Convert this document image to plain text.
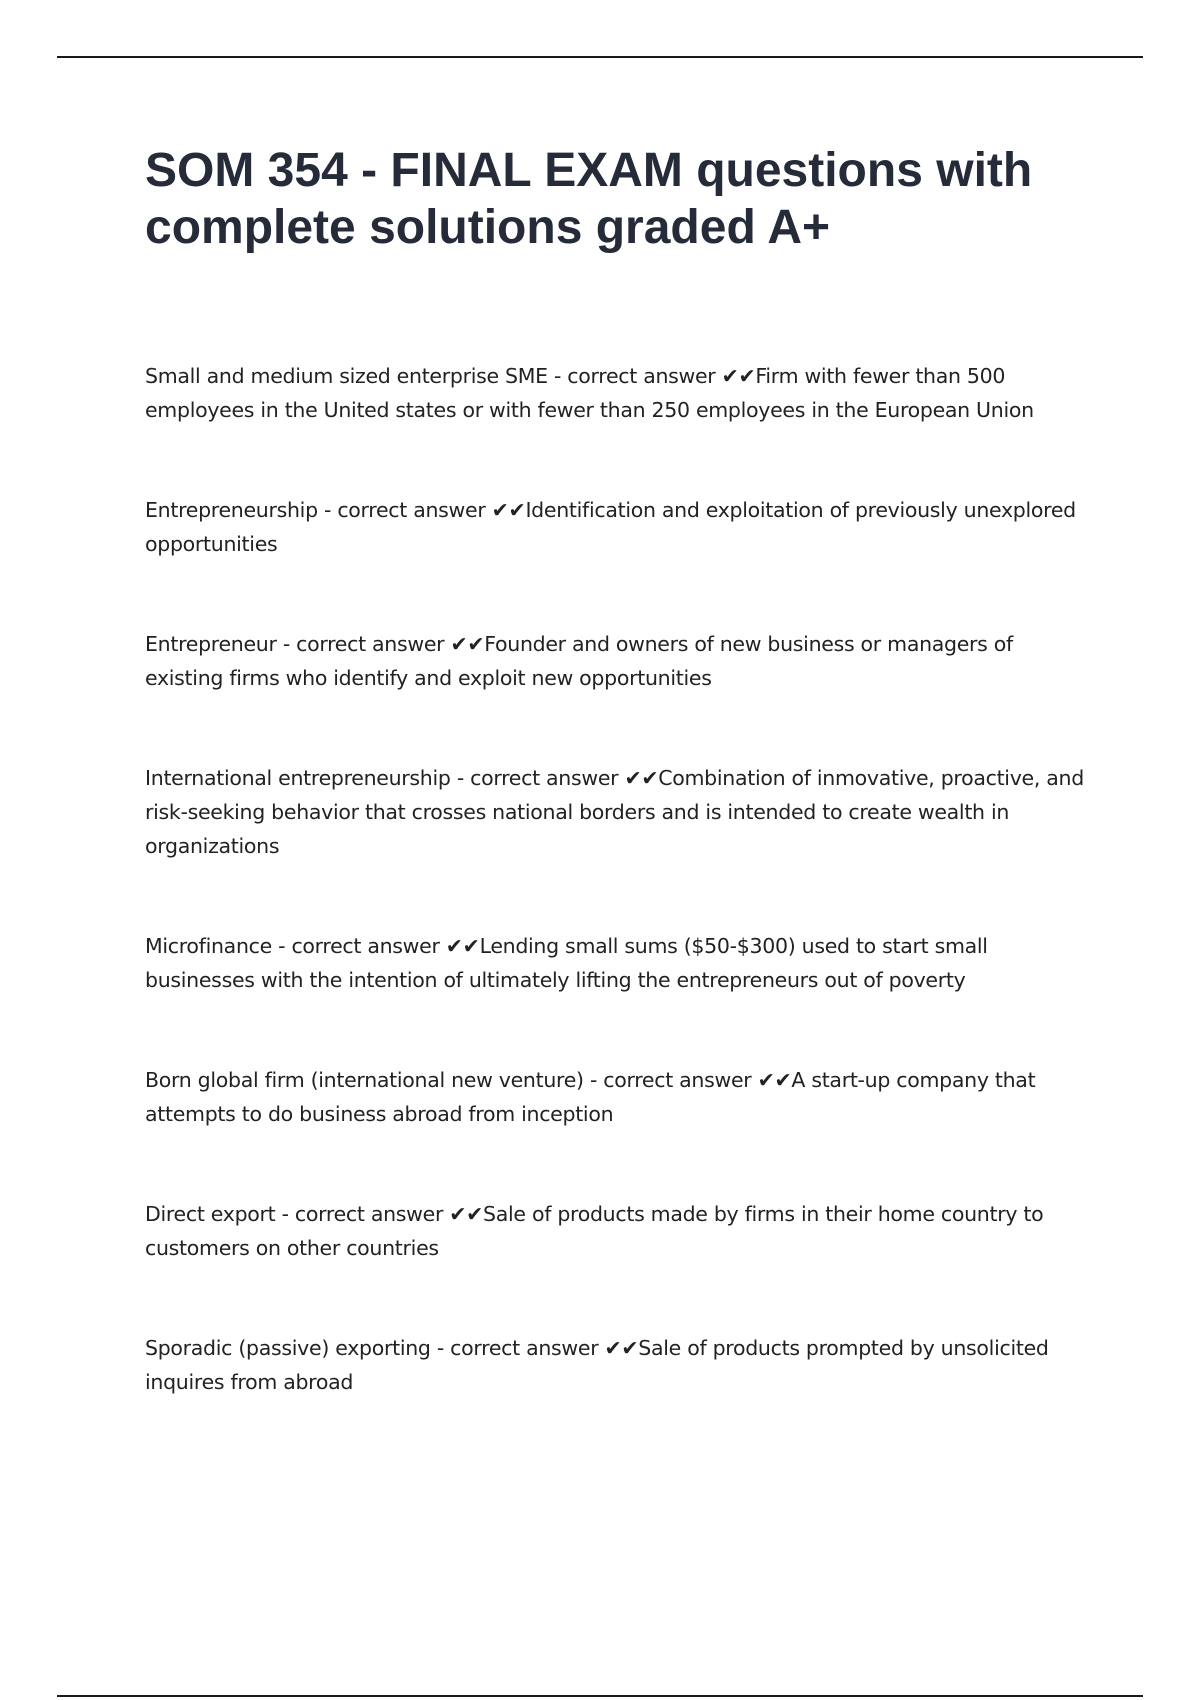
SOM 354 - FINAL EXAM questions with complete solutions graded A+

Small and medium sized enterprise SME - correct answer ✔✔Firm with fewer than 500 employees in the United states or with fewer than 250 employees in the European Union

Entrepreneurship - correct answer ✔✔Identification and exploitation of previously unexplored opportunities

Entrepreneur - correct answer ✔✔Founder and owners of new business or managers of existing firms who identify and exploit new opportunities

International entrepreneurship - correct answer ✔✔Combination of inmovative, proactive, and risk-seeking behavior that crosses national borders and is intended to create wealth in organizations

Microfinance - correct answer ✔✔Lending small sums ($50-$300) used to start small businesses with the intention of ultimately lifting the entrepreneurs out of poverty

Born global firm (international new venture) - correct answer ✔✔A start-up company that attempts to do business abroad from inception

Direct export - correct answer ✔✔Sale of products made by firms in their home country to customers on other countries

Sporadic (passive) exporting - correct answer ✔✔Sale of products prompted by unsolicited inquires from abroad
